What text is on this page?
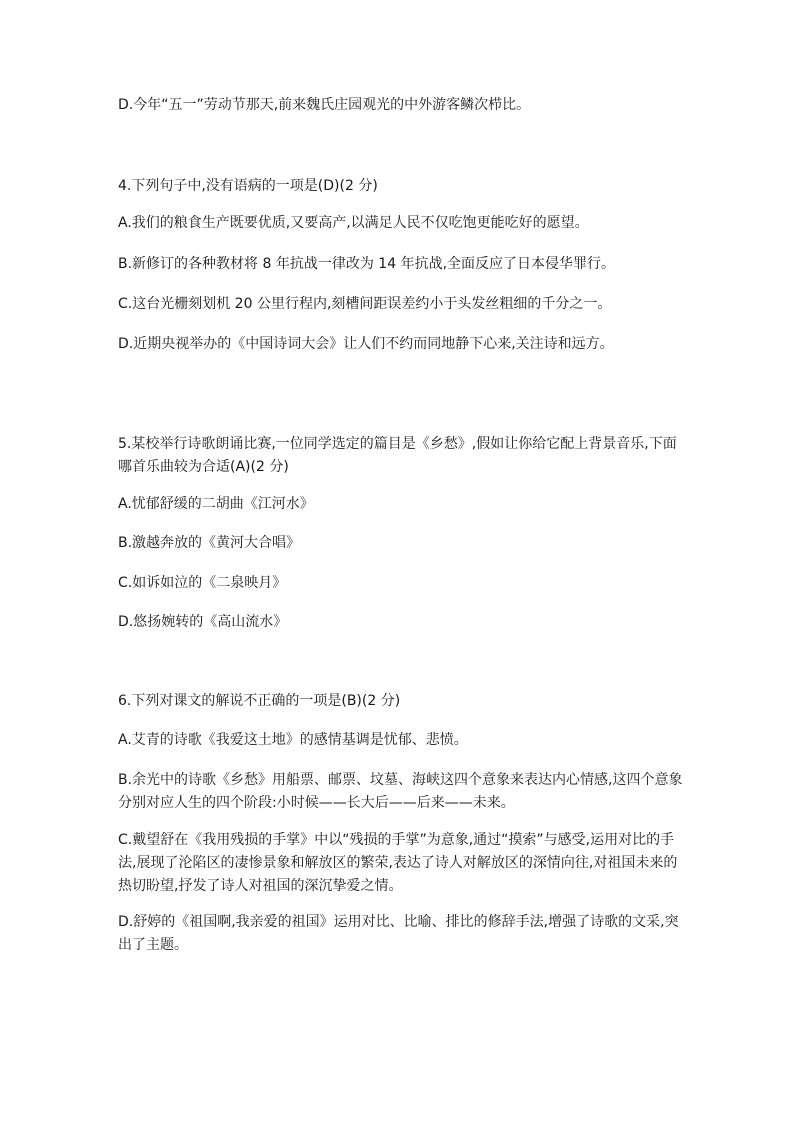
D.今年“五一”劳动节那天,前来魏氏庄园观光的中外游客鳞次栉比。
4.下列句子中,没有语病的一项是(D)(2 分)
A.我们的粮食生产既要优质,又要高产,以满足人民不仅吃饱更能吃好的愿望。
B.新修订的各种教材将 8 年抗战一律改为 14 年抗战,全面反应了日本侵华罪行。
C.这台光栅刻划机 20 公里行程内,刻槽间距误差约小于头发丝粗细的千分之一。
D.近期央视举办的《中国诗词大会》让人们不约而同地静下心来,关注诗和远方。
5.某校举行诗歌朗诵比赛,一位同学选定的篇目是《乡愁》,假如让你给它配上背景音乐,下面哪首乐曲较为合适(A)(2 分)
A.忧郁舒缓的二胡曲《江河水》
B.激越奔放的《黄河大合唱》
C.如诉如泣的《二泉映月》
D.悠扬婉转的《高山流水》
6.下列对课文的解说不正确的一项是(B)(2 分)
A.艾青的诗歌《我爱这土地》的感情基调是忧郁、悲愤。
B.余光中的诗歌《乡愁》用船票、邮票、坟墓、海峡这四个意象来表达内心情感,这四个意象分别对应人生的四个阶段:小时候——长大后——后来——未来。
C.戴望舒在《我用残损的手掌》中以“残损的手掌”为意象,通过“摸索”与感受,运用对比的手法,展现了沦陷区的凄惨景象和解放区的繁荣,表达了诗人对解放区的深情向往,对祖国未来的热切盼望,抒发了诗人对祖国的深沉挚爱之情。
D.舒婷的《祖国啊,我亲爱的祖国》运用对比、比喻、排比的修辞手法,增强了诗歌的文采,突出了主题。
